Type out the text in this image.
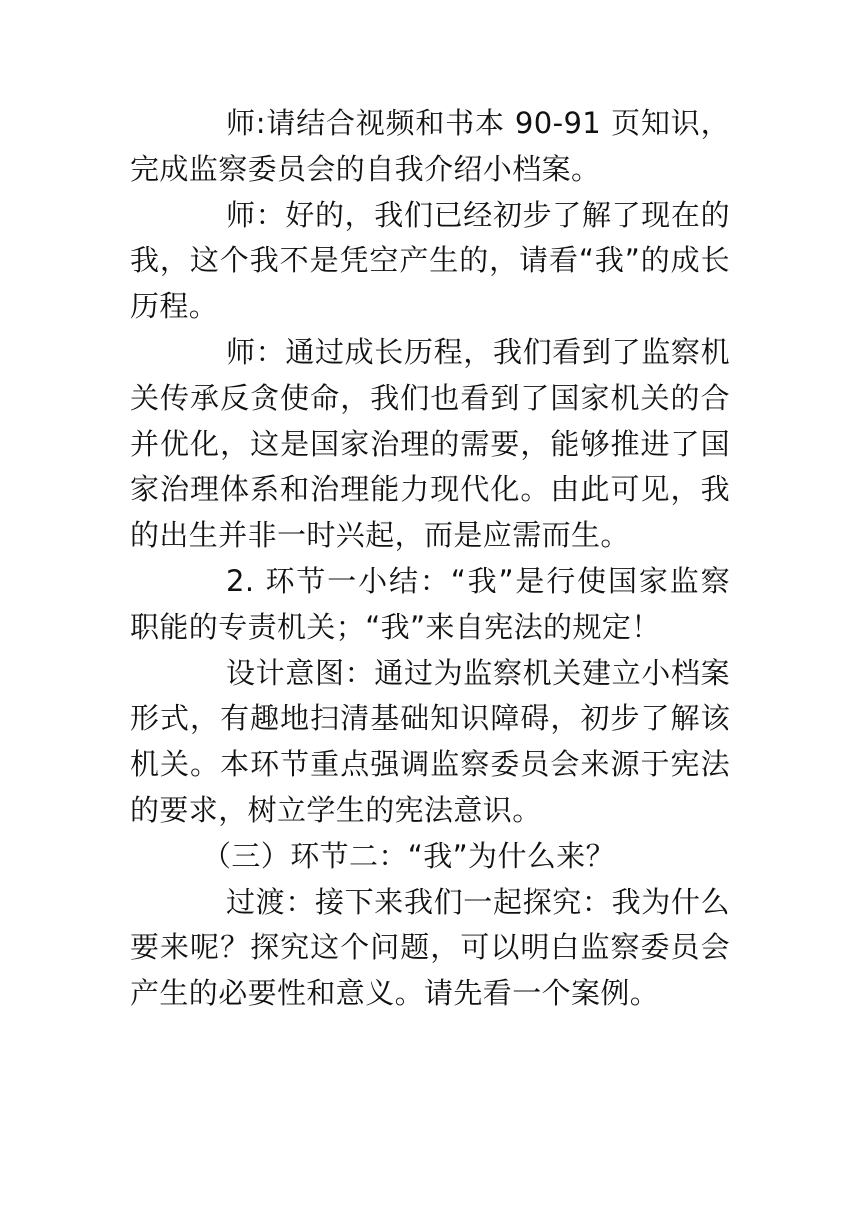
师:请结合视频和书本 90-91 页知识，完成监察委员会的自我介绍小档案。

师：好的，我们已经初步了解了现在的我，这个我不是凭空产生的，请看“我”的成长历程。

师：通过成长历程，我们看到了监察机关传承反贪使命，我们也看到了国家机关的合并优化，这是国家治理的需要，能够推进了国家治理体系和治理能力现代化。由此可见，我的出生并非一时兴起，而是应需而生。

2. 环节一小结：“我”是行使国家监察职能的专责机关；“我”来自宪法的规定！

设计意图：通过为监察机关建立小档案形式，有趣地扫清基础知识障碍，初步了解该机关。本环节重点强调监察委员会来源于宪法的要求，树立学生的宪法意识。

（三）环节二：“我”为什么来？

过渡：接下来我们一起探究：我为什么要来呢？探究这个问题，可以明白监察委员会产生的必要性和意义。请先看一个案例。
